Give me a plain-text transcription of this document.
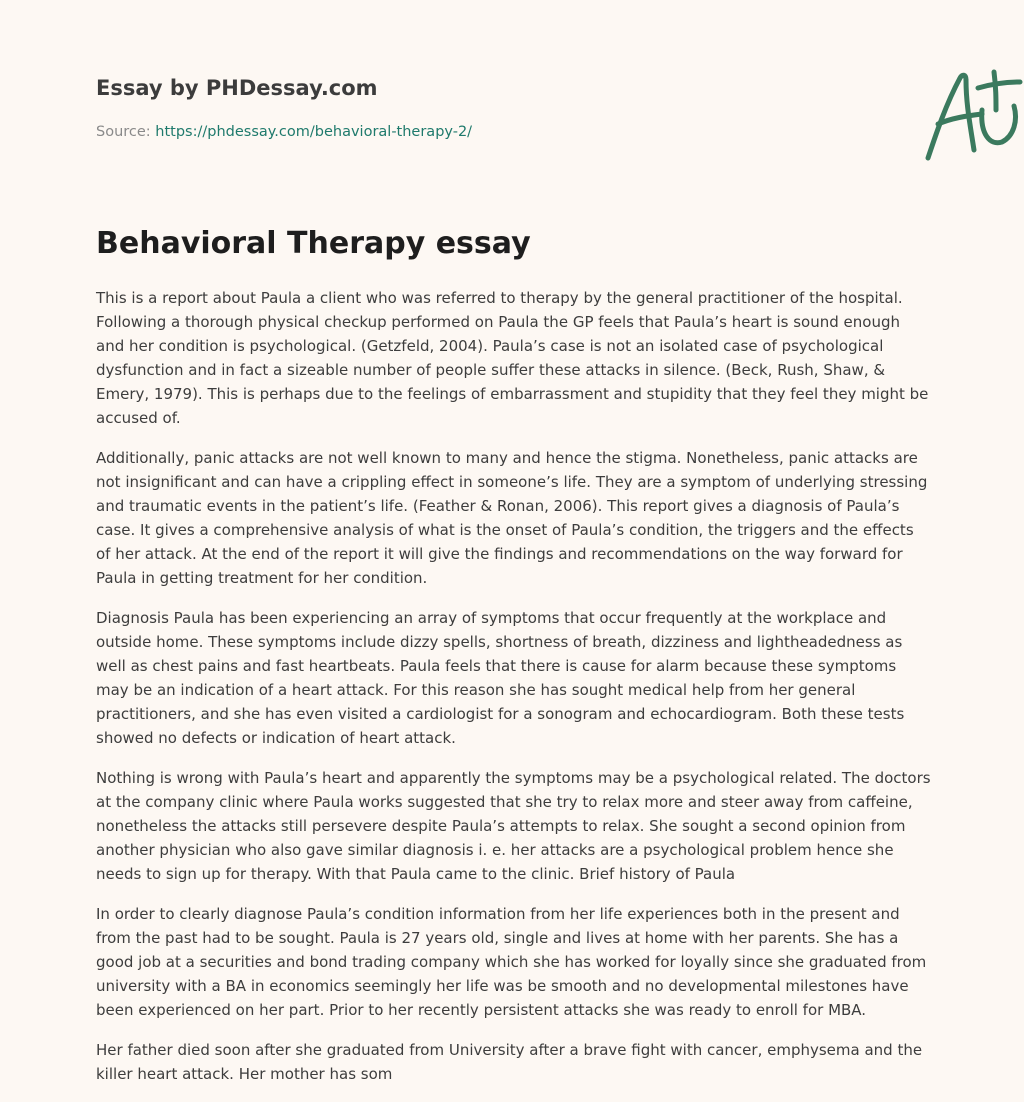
Essay by PHDessay.com
Source: https://phdessay.com/behavioral-therapy-2/
Behavioral Therapy essay

This is a report about Paula a client who was referred to therapy by the general practitioner of the hospital. Following a thorough physical checkup performed on Paula the GP feels that Paula’s heart is sound enough and her condition is psychological. (Getzfeld, 2004). Paula’s case is not an isolated case of psychological dysfunction and in fact a sizeable number of people suffer these attacks in silence. (Beck, Rush, Shaw, & Emery, 1979). This is perhaps due to the feelings of embarrassment and stupidity that they feel they might be accused of.

Additionally, panic attacks are not well known to many and hence the stigma. Nonetheless, panic attacks are not insignificant and can have a crippling effect in someone’s life. They are a symptom of underlying stressing and traumatic events in the patient’s life. (Feather & Ronan, 2006). This report gives a diagnosis of Paula’s case. It gives a comprehensive analysis of what is the onset of Paula’s condition, the triggers and the effects of her attack. At the end of the report it will give the findings and recommendations on the way forward for Paula in getting treatment for her condition.

Diagnosis Paula has been experiencing an array of symptoms that occur frequently at the workplace and outside home. These symptoms include dizzy spells, shortness of breath, dizziness and lightheadedness as well as chest pains and fast heartbeats. Paula feels that there is cause for alarm because these symptoms may be an indication of a heart attack. For this reason she has sought medical help from her general practitioners, and she has even visited a cardiologist for a sonogram and echocardiogram. Both these tests showed no defects or indication of heart attack.

Nothing is wrong with Paula’s heart and apparently the symptoms may be a psychological related. The doctors at the company clinic where Paula works suggested that she try to relax more and steer away from caffeine, nonetheless the attacks still persevere despite Paula’s attempts to relax. She sought a second opinion from another physician who also gave similar diagnosis i. e. her attacks are a psychological problem hence she needs to sign up for therapy. With that Paula came to the clinic. Brief history of Paula

In order to clearly diagnose Paula’s condition information from her life experiences both in the present and from the past had to be sought. Paula is 27 years old, single and lives at home with her parents. She has a good job at a securities and bond trading company which she has worked for loyally since she graduated from university with a BA in economics seemingly her life was be smooth and no developmental milestones have been experienced on her part. Prior to her recently persistent attacks she was ready to enroll for MBA.

Her father died soon after she graduated from University after a brave fight with cancer, emphysema and the killer heart attack. Her mother has som
